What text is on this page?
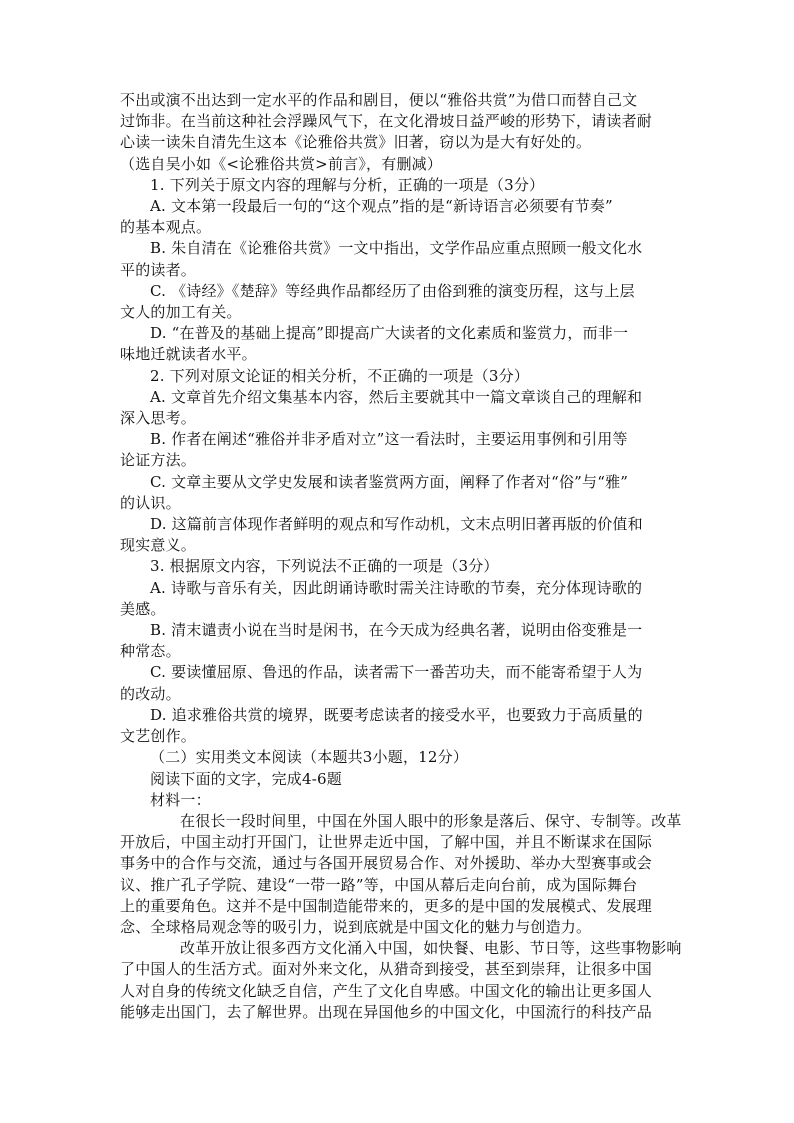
不出或演不出达到一定水平的作品和剧目，便以“雅俗共赏”为借口而替自己文

过饰非。在当前这种社会浮躁风气下，在文化滑坡日益严峻的形势下，请读者耐

心读一读朱自清先生这本《论雅俗共赏》旧著，窃以为是大有好处的。

（选自吴小如《<论雅俗共赏>前言》，有删减）

1. 下列关于原文内容的理解与分析，正确的一项是（3分）

A. 文本第一段最后一句的“这个观点”指的是“新诗语言必须要有节奏”

的基本观点。

B. 朱自清在《论雅俗共赏》一文中指出，文学作品应重点照顾一般文化水

平的读者。

C. 《诗经》《楚辞》等经典作品都经历了由俗到雅的演变历程，这与上层

文人的加工有关。

D. “在普及的基础上提高”即提高广大读者的文化素质和鉴赏力，而非一

味地迁就读者水平。

2. 下列对原文论证的相关分析，不正确的一项是（3分）

A. 文章首先介绍文集基本内容，然后主要就其中一篇文章谈自己的理解和

深入思考。

B. 作者在阐述“雅俗并非矛盾对立”这一看法时，主要运用事例和引用等

论证方法。

C. 文章主要从文学史发展和读者鉴赏两方面，阐释了作者对“俗”与“雅”

的认识。

D. 这篇前言体现作者鲜明的观点和写作动机，文末点明旧著再版的价值和

现实意义。

3. 根据原文内容，下列说法不正确的一项是（3分）

A. 诗歌与音乐有关，因此朗诵诗歌时需关注诗歌的节奏，充分体现诗歌的

美感。

B. 清末谴责小说在当时是闲书，在今天成为经典名著，说明由俗变雅是一

种常态。

C. 要读懂屈原、鲁迅的作品，读者需下一番苦功夫，而不能寄希望于人为

的改动。

D. 追求雅俗共赏的境界，既要考虑读者的接受水平，也要致力于高质量的

文艺创作。

（二）实用类文本阅读（本题共3小题，12分）

阅读下面的文字，完成4-6题

材料一：

在很长一段时间里，中国在外国人眼中的形象是落后、保守、专制等。改革

开放后，中国主动打开国门，让世界走近中国，了解中国，并且不断谋求在国际

事务中的合作与交流，通过与各国开展贸易合作、对外援助、举办大型赛事或会

议、推广孔子学院、建设“一带一路”等，中国从幕后走向台前，成为国际舞台

上的重要角色。这并不是中国制造能带来的，更多的是中国的发展模式、发展理

念、全球格局观念等的吸引力，说到底就是中国文化的魅力与创造力。

改革开放让很多西方文化涌入中国，如快餐、电影、节日等，这些事物影响

了中国人的生活方式。面对外来文化，从猎奇到接受，甚至到崇拜，让很多中国

人对自身的传统文化缺乏自信，产生了文化自卑感。中国文化的输出让更多国人

能够走出国门，去了解世界。出现在异国他乡的中国文化，中国流行的科技产品
